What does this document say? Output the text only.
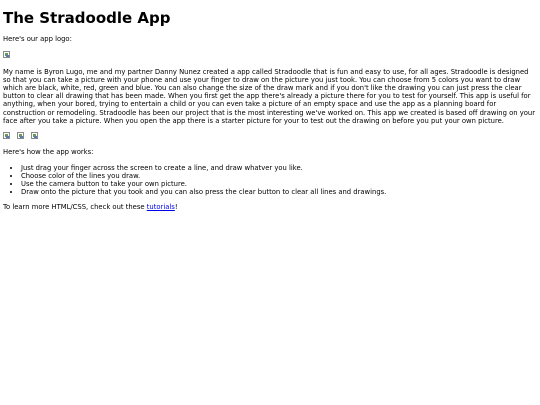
The Stradoodle App

Here's our app logo:

My name is Byron Lugo, me and my partner Danny Nunez created a app called Stradoodle that is fun and easy to use, for all ages. Stradoodle is designed so that you can take a picture with your phone and use your finger to draw on the picture you just took. You can choose from 5 colors you want to draw which are black, white, red, green and blue. You can also change the size of the draw mark and if you don't like the drawing you can just press the clear button to clear all drawing that has been made. When you first get the app there's already a picture there for you to test for yourself. This app is useful for anything, when your bored, trying to entertain a child or you can even take a picture of an empty space and use the app as a planning board for construction or remodeling. Stradoodle has been our project that is the most interesting we've worked on. This app we created is based off drawing on your face after you take a picture. When you open the app there is a starter picture for your to test out the drawing on before you put your own picture.

Here's how the app works:

• Just drag your finger across the screen to create a line, and draw whatver you like.
• Choose color of the lines you draw.
• Use the camera button to take your own picture.
• Draw onto the picture that you took and you can also press the clear button to clear all lines and drawings.

To learn more HTML/CSS, check out these tutorials!
